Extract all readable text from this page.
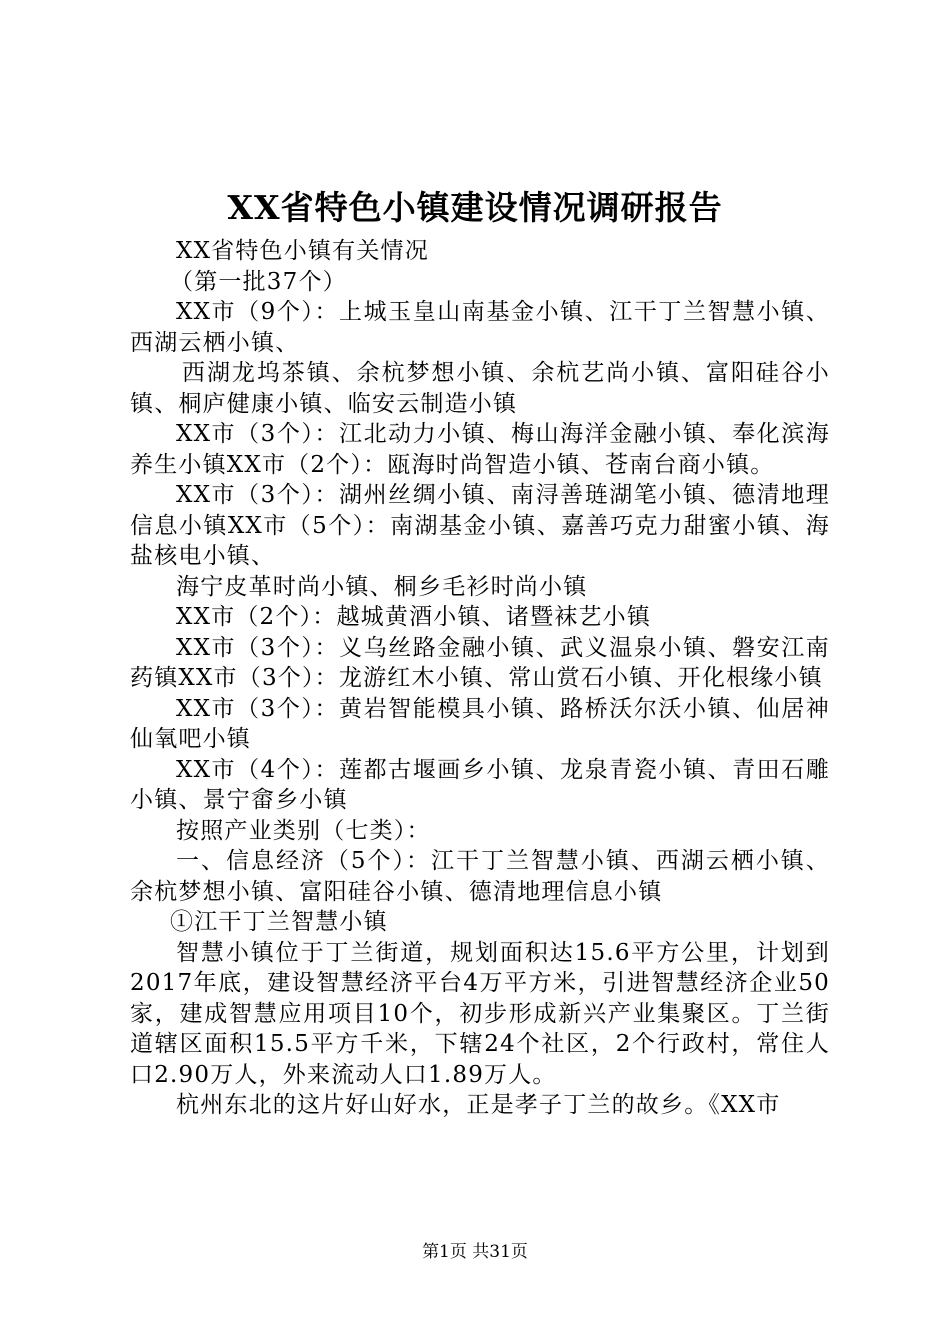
XX省特色小镇建设情况调研报告

XX省特色小镇有关情况

（第一批37个）

XX市（9个）：上城玉皇山南基金小镇、江干丁兰智慧小镇、西湖云栖小镇、

西湖龙坞茶镇、余杭梦想小镇、余杭艺尚小镇、富阳硅谷小镇、桐庐健康小镇、临安云制造小镇

XX市（3个）：江北动力小镇、梅山海洋金融小镇、奉化滨海养生小镇XX市（2个）：瓯海时尚智造小镇、苍南台商小镇。

XX市（3个）：湖州丝绸小镇、南浔善琏湖笔小镇、德清地理信息小镇XX市（5个）：南湖基金小镇、嘉善巧克力甜蜜小镇、海盐核电小镇、

海宁皮革时尚小镇、桐乡毛衫时尚小镇

XX市（2个）：越城黄酒小镇、诸暨袜艺小镇

XX市（3个）：义乌丝路金融小镇、武义温泉小镇、磐安江南药镇XX市（3个）：龙游红木小镇、常山赏石小镇、开化根缘小镇

XX市（3个）：黄岩智能模具小镇、路桥沃尔沃小镇、仙居神仙氧吧小镇

XX市（4个）：莲都古堰画乡小镇、龙泉青瓷小镇、青田石雕小镇、景宁畲乡小镇

按照产业类别（七类）：

一、信息经济（5个）：江干丁兰智慧小镇、西湖云栖小镇、余杭梦想小镇、富阳硅谷小镇、德清地理信息小镇

①江干丁兰智慧小镇

智慧小镇位于丁兰街道，规划面积达15.6平方公里，计划到2017年底，建设智慧经济平台4万平方米，引进智慧经济企业50家，建成智慧应用项目10个，初步形成新兴产业集聚区。丁兰街道辖区面积15.5平方千米，下辖24个社区，2个行政村，常住人口2.90万人，外来流动人口1.89万人。

杭州东北的这片好山好水，正是孝子丁兰的故乡。《XX市

第1页 共31页
